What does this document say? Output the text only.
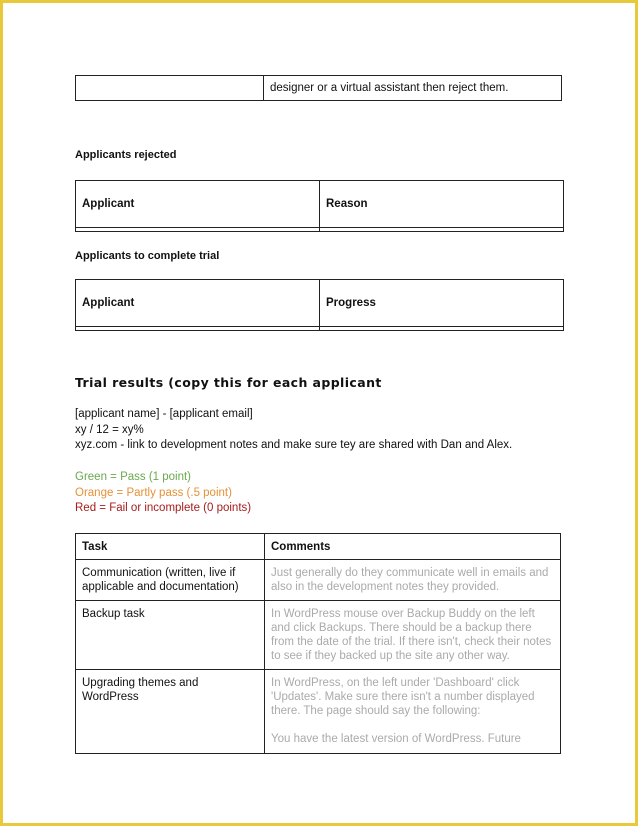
	designer or a virtual assistant then reject them.
Applicants rejected
Applicant	Reason

Applicants to complete trial
Applicant	Progress

Trial results (copy this for each applicant
[applicant name] - [applicant email]
xy / 12 = xy%
xyz.com - link to development notes and make sure tey are shared with Dan and Alex.
Green = Pass (1 point)
Orange = Partly pass (.5 point)
Red = Fail or incomplete (0 points)
Task	Comments
Communication (written, live if applicable and documentation)	Just generally do they communicate well in emails and also in the development notes they provided.
Backup task	In WordPress mouse over Backup Buddy on the left and click Backups. There should be a backup there from the date of the trial. If there isn't, check their notes to see if they backed up the site any other way.
Upgrading themes and WordPress	In WordPress, on the left under 'Dashboard' click 'Updates'. Make sure there isn't a number displayed there. The page should say the following:
You have the latest version of WordPress. Future
